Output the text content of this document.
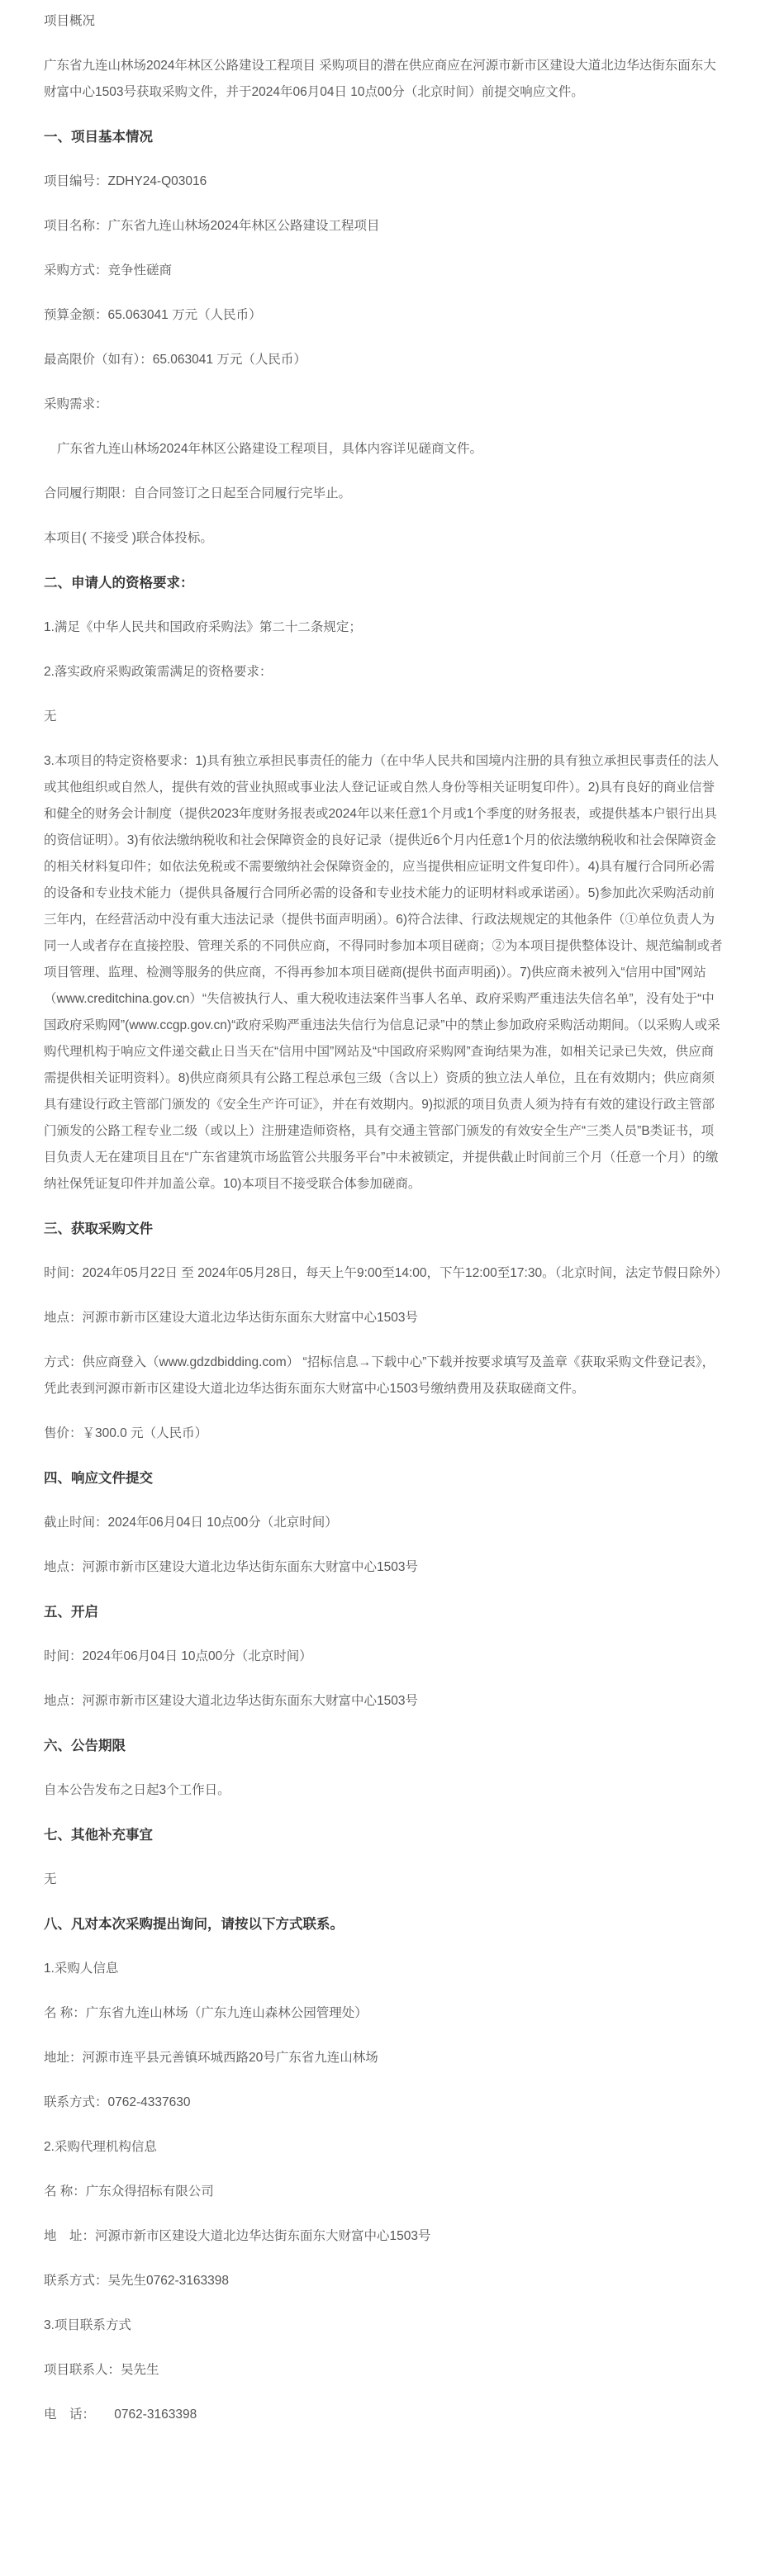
项目概况

广东省九连山林场2024年林区公路建设工程项目 采购项目的潜在供应商应在河源市新市区建设大道北边华达街东面东大财富中心1503号获取采购文件，并于2024年06月04日 10点00分（北京时间）前提交响应文件。

一、项目基本情况

项目编号：ZDHY24-Q03016

项目名称：广东省九连山林场2024年林区公路建设工程项目

采购方式：竞争性磋商

预算金额：65.063041 万元（人民币）

最高限价（如有）：65.063041 万元（人民币）

采购需求：

广东省九连山林场2024年林区公路建设工程项目，具体内容详见磋商文件。

合同履行期限：自合同签订之日起至合同履行完毕止。

本项目( 不接受 )联合体投标。

二、申请人的资格要求：

1.满足《中华人民共和国政府采购法》第二十二条规定；

2.落实政府采购政策需满足的资格要求：

无

3.本项目的特定资格要求：1)具有独立承担民事责任的能力（在中华人民共和国境内注册的具有独立承担民事责任的法人或其他组织或自然人，提供有效的营业执照或事业法人登记证或自然人身份等相关证明复印件）。2)具有良好的商业信誉和健全的财务会计制度（提供2023年度财务报表或2024年以来任意1个月或1个季度的财务报表，或提供基本户银行出具的资信证明）。3)有依法缴纳税收和社会保障资金的良好记录（提供近6个月内任意1个月的依法缴纳税收和社会保障资金的相关材料复印件；如依法免税或不需要缴纳社会保障资金的，应当提供相应证明文件复印件）。4)具有履行合同所必需的设备和专业技术能力（提供具备履行合同所必需的设备和专业技术能力的证明材料或承诺函）。5)参加此次采购活动前三年内，在经营活动中没有重大违法记录（提供书面声明函）。6)符合法律、行政法规规定的其他条件（①单位负责人为同一人或者存在直接控股、管理关系的不同供应商，不得同时参加本项目磋商；②为本项目提供整体设计、规范编制或者项目管理、监理、检测等服务的供应商，不得再参加本项目磋商(提供书面声明函)）。7)供应商未被列入“信用中国”网站（www.creditchina.gov.cn）“失信被执行人、重大税收违法案件当事人名单、政府采购严重违法失信名单”，没有处于“中国政府采购网”(www.ccgp.gov.cn)“政府采购严重违法失信行为信息记录”中的禁止参加政府采购活动期间。（以采购人或采购代理机构于响应文件递交截止日当天在“信用中国”网站及“中国政府采购网”查询结果为准，如相关记录已失效，供应商需提供相关证明资料）。8)供应商须具有公路工程总承包三级（含以上）资质的独立法人单位，且在有效期内；供应商须具有建设行政主管部门颁发的《安全生产许可证》，并在有效期内。9)拟派的项目负责人须为持有有效的建设行政主管部门颁发的公路工程专业二级（或以上）注册建造师资格，具有交通主管部门颁发的有效安全生产“三类人员”B类证书，项目负责人无在建项目且在“广东省建筑市场监管公共服务平台”中未被锁定，并提供截止时间前三个月（任意一个月）的缴纳社保凭证复印件并加盖公章。10)本项目不接受联合体参加磋商。

三、获取采购文件

时间：2024年05月22日 至 2024年05月28日，每天上午9:00至14:00，下午12:00至17:30。（北京时间，法定节假日除外）

地点：河源市新市区建设大道北边华达街东面东大财富中心1503号

方式：供应商登入（www.gdzdbidding.com） “招标信息→下载中心”下载并按要求填写及盖章《获取采购文件登记表》，凭此表到河源市新市区建设大道北边华达街东面东大财富中心1503号缴纳费用及获取磋商文件。

售价：￥300.0 元（人民币）

四、响应文件提交

截止时间：2024年06月04日 10点00分（北京时间）

地点：河源市新市区建设大道北边华达街东面东大财富中心1503号

五、开启

时间：2024年06月04日 10点00分（北京时间）

地点：河源市新市区建设大道北边华达街东面东大财富中心1503号

六、公告期限

自本公告发布之日起3个工作日。

七、其他补充事宜

无

八、凡对本次采购提出询问，请按以下方式联系。

1.采购人信息

名 称：广东省九连山林场（广东九连山森林公园管理处）

地址：河源市连平县元善镇环城西路20号广东省九连山林场

联系方式：0762-4337630

2.采购代理机构信息

名 称：广东众得招标有限公司

地　址：河源市新市区建设大道北边华达街东面东大财富中心1503号

联系方式：吴先生0762-3163398

3.项目联系方式

项目联系人：吴先生

电　话：　　0762-3163398
